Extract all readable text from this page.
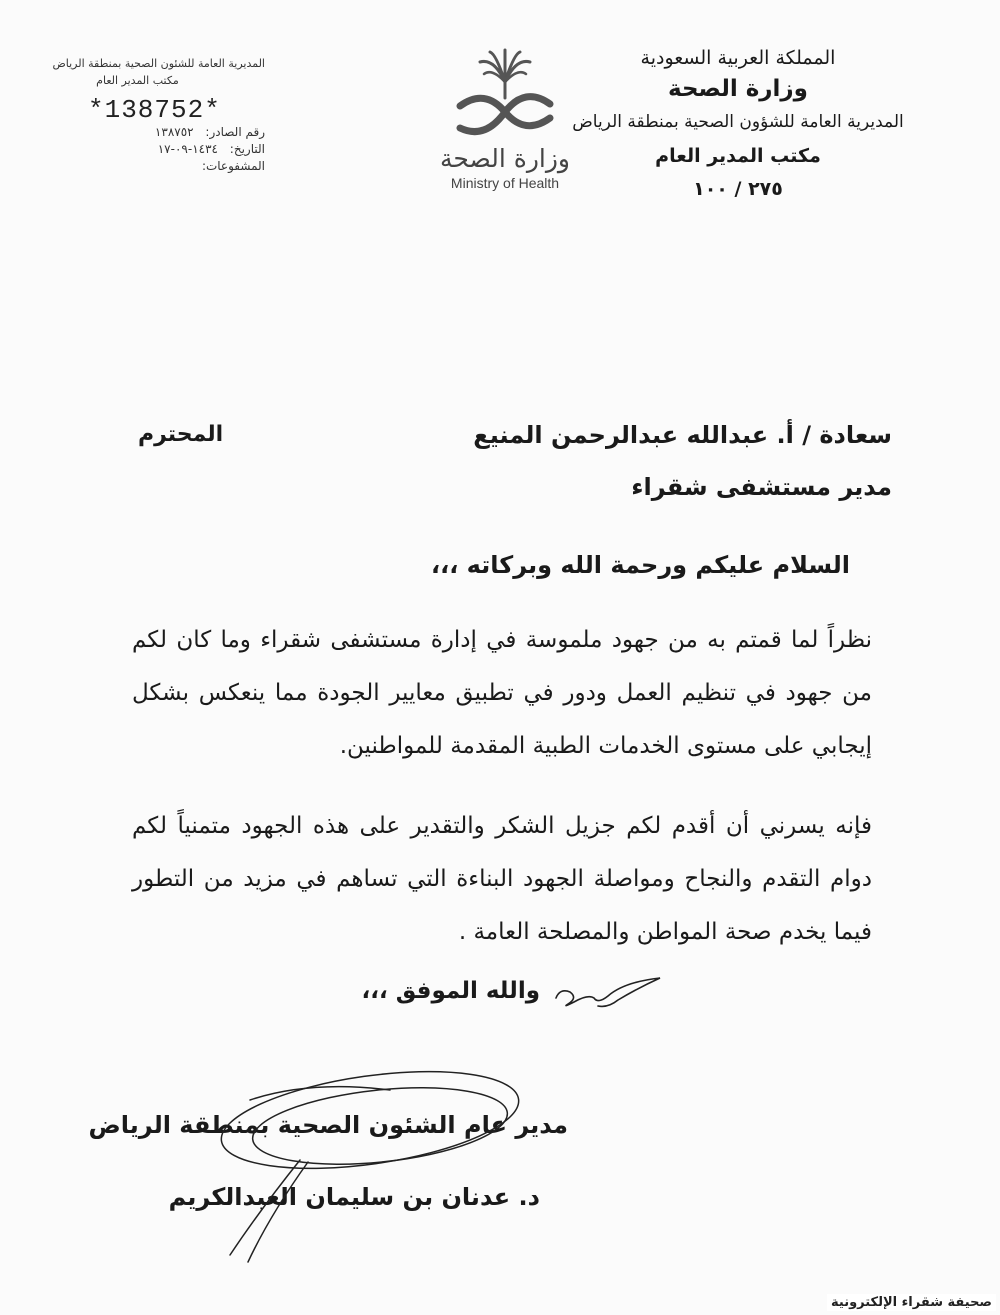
المملكة العربية السعودية
وزارة الصحة
المديرية العامة للشؤون الصحية بمنطقة الرياض
مكتب المدير العام
٢٧٥ / ١٠٠
وزارة الصحة
Ministry of Health
المديرية العامة للشئون الصحية بمنطقة الرياض
مكتب المدير العام
*138752*
رقم الصادر: ١٣٨٧٥٢
التاريخ: ١٤٣٤-٠٩-١٧
المشفوعات:
سعادة / أ. عبدالله عبدالرحمن المنيع
المحترم
مدير مستشفى شقراء
السلام عليكم ورحمة الله وبركاته ،،،
نظراً لما قمتم به من جهود ملموسة في إدارة مستشفى شقراء وما كان لكم من جهود في تنظيم العمل ودور في تطبيق معايير الجودة مما ينعكس بشكل إيجابي على مستوى الخدمات الطبية المقدمة للمواطنين.
فإنه يسرني أن أقدم لكم جزيل الشكر والتقدير على هذه الجهود متمنياً لكم دوام التقدم والنجاح ومواصلة الجهود البناءة التي تساهم في مزيد من التطور فيما يخدم صحة المواطن والمصلحة العامة .
والله الموفق ،،،
مدير عام الشئون الصحية بمنطقة الرياض
د. عدنان بن سليمان العبدالكريم
صحيفة شقراء الإلكترونية
